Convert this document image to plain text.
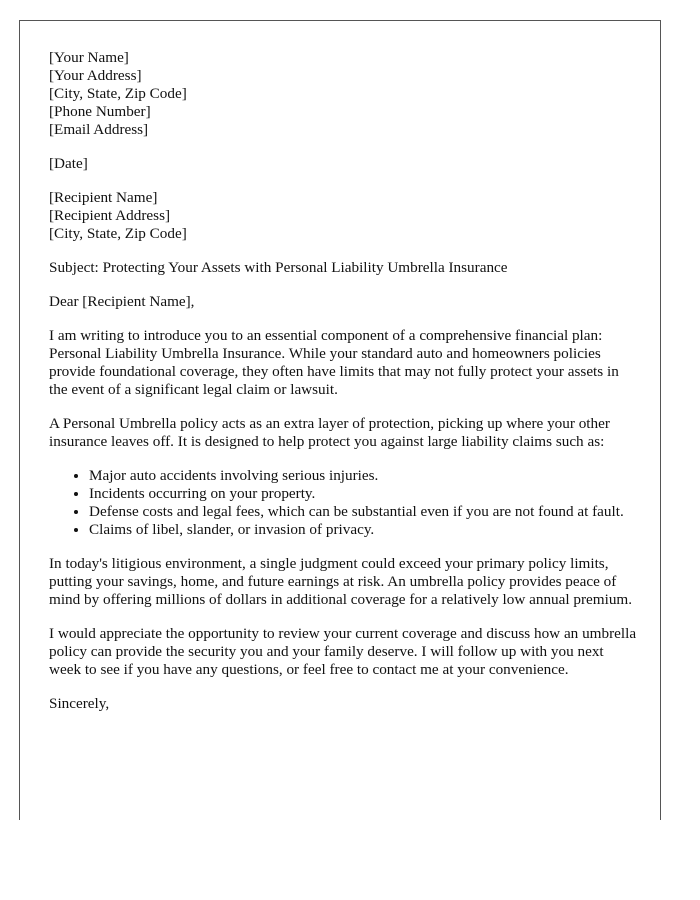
[Your Name]
[Your Address]
[City, State, Zip Code]
[Phone Number]
[Email Address]
[Date]
[Recipient Name]
[Recipient Address]
[City, State, Zip Code]

Subject: Protecting Your Assets with Personal Liability Umbrella Insurance

Dear [Recipient Name],

I am writing to introduce you to an essential component of a comprehensive financial plan: Personal Liability Umbrella Insurance. While your standard auto and homeowners policies provide foundational coverage, they often have limits that may not fully protect your assets in the event of a significant legal claim or lawsuit.

A Personal Umbrella policy acts as an extra layer of protection, picking up where your other insurance leaves off. It is designed to help protect you against large liability claims such as:

• Major auto accidents involving serious injuries.
• Incidents occurring on your property.
• Defense costs and legal fees, which can be substantial even if you are not found at fault.
• Claims of libel, slander, or invasion of privacy.

In today's litigious environment, a single judgment could exceed your primary policy limits, putting your savings, home, and future earnings at risk. An umbrella policy provides peace of mind by offering millions of dollars in additional coverage for a relatively low annual premium.

I would appreciate the opportunity to review your current coverage and discuss how an umbrella policy can provide the security you and your family deserve. I will follow up with you next week to see if you have any questions, or feel free to contact me at your convenience.

Sincerely,
